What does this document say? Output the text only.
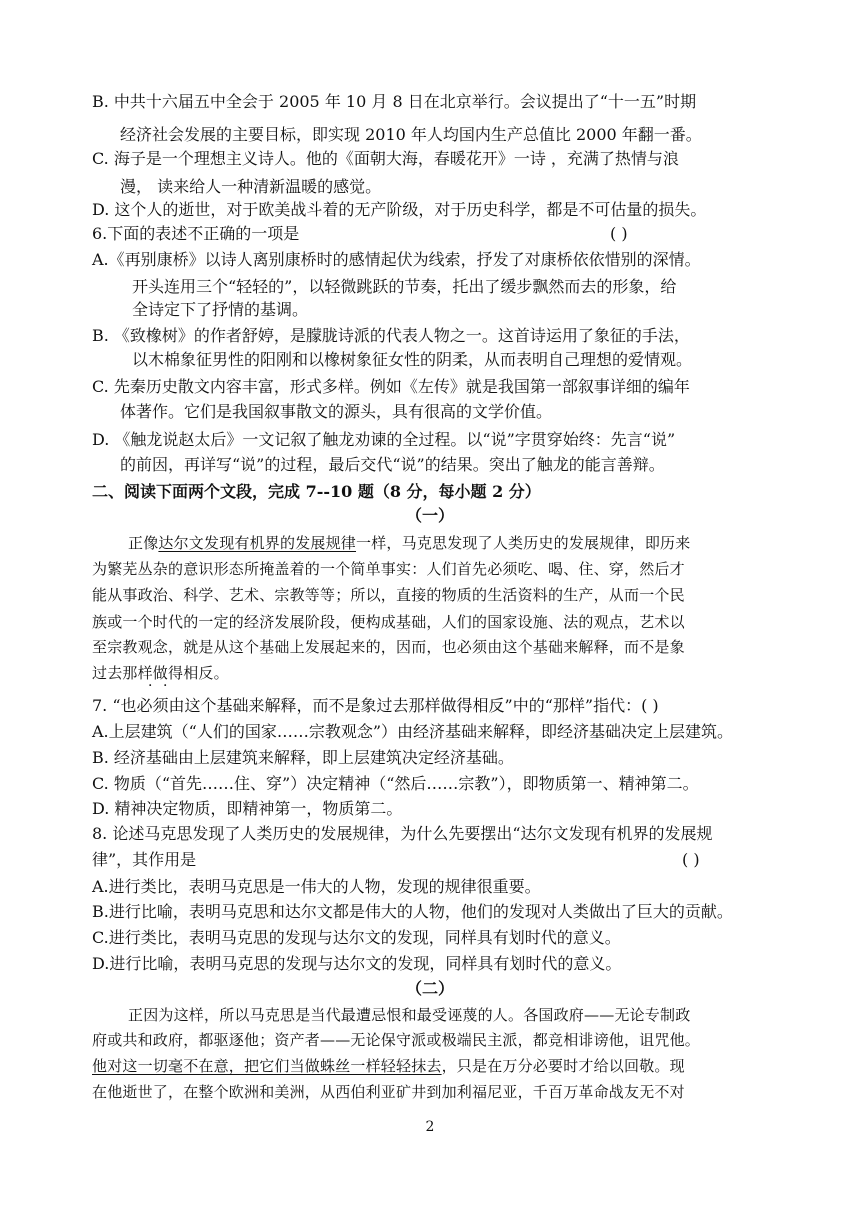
B. 中共十六届五中全会于 2005 年 10 月 8 日在北京举行。会议提出了“十一五”时期
经济社会发展的主要目标，即实现 2010 年人均国内生产总值比 2000 年翻一番。
C. 海子是一个理想主义诗人。他的《面朝大海，春暖花开》一诗 ，充满了热情与浪
漫， 读来给人一种清新温暖的感觉。
D. 这个人的逝世，对于欧美战斗着的无产阶级，对于历史科学，都是不可估量的损失。
6.下面的表述不正确的一项是	( )
A.《再别康桥》以诗人离别康桥时的感情起伏为线索，抒发了对康桥依依惜别的深情。
开头连用三个“轻轻的”，以轻微跳跃的节奏，托出了缓步飘然而去的形象，给
全诗定下了抒情的基调。
B. 《致橡树》的作者舒婷，是朦胧诗派的代表人物之一。这首诗运用了象征的手法，
以木棉象征男性的阳刚和以橡树象征女性的阴柔，从而表明自己理想的爱情观。
C. 先秦历史散文内容丰富，形式多样。例如《左传》就是我国第一部叙事详细的编年
体著作。它们是我国叙事散文的源头，具有很高的文学价值。
D. 《触龙说赵太后》一文记叙了触龙劝谏的全过程。以“说”字贯穿始终：先言“说”
的前因，再详写“说”的过程，最后交代“说”的结果。突出了触龙的能言善辩。
二、阅读下面两个文段，完成 7--10 题（8 分，每小题 2 分）
（一）
正像达尔文发现有机界的发展规律一样，马克思发现了人类历史的发展规律，即历来
为繁芜丛杂的意识形态所掩盖着的一个简单事实：人们首先必须吃、喝、住、穿，然后才
能从事政治、科学、艺术、宗教等等；所以，直接的物质的生活资料的生产，从而一个民
族或一个时代的一定的经济发展阶段，便构成基础，人们的国家设施、法的观点，艺术以
至宗教观念，就是从这个基础上发展起来的，因而，也必须由这个基础来解释，而不是象
过去那样做得相反。
· ·
7. “也必须由这个基础来解释，而不是象过去那样做得相反”中的“那样”指代：( )
A.上层建筑（“人们的国家……宗教观念”）由经济基础来解释，即经济基础决定上层建筑。
B. 经济基础由上层建筑来解释，即上层建筑决定经济基础。
C. 物质（“首先……住、穿”）决定精神（“然后……宗教”），即物质第一、精神第二。
D. 精神决定物质，即精神第一，物质第二。
8. 论述马克思发现了人类历史的发展规律，为什么先要摆出“达尔文发现有机界的发展规
律”，其作用是	( )
A.进行类比，表明马克思是一伟大的人物，发现的规律很重要。
B.进行比喻，表明马克思和达尔文都是伟大的人物，他们的发现对人类做出了巨大的贡献。
C.进行类比，表明马克思的发现与达尔文的发现，同样具有划时代的意义。
D.进行比喻，表明马克思的发现与达尔文的发现，同样具有划时代的意义。
（二）
正因为这样，所以马克思是当代最遭忌恨和最受诬蔑的人。各国政府——无论专制政
府或共和政府，都驱逐他；资产者——无论保守派或极端民主派，都竞相诽谤他，诅咒他。
他对这一切毫不在意，把它们当做蛛丝一样轻轻抹去，只是在万分必要时才给以回敬。现
在他逝世了，在整个欧洲和美洲，从西伯利亚矿井到加利福尼亚，千百万革命战友无不对
2
